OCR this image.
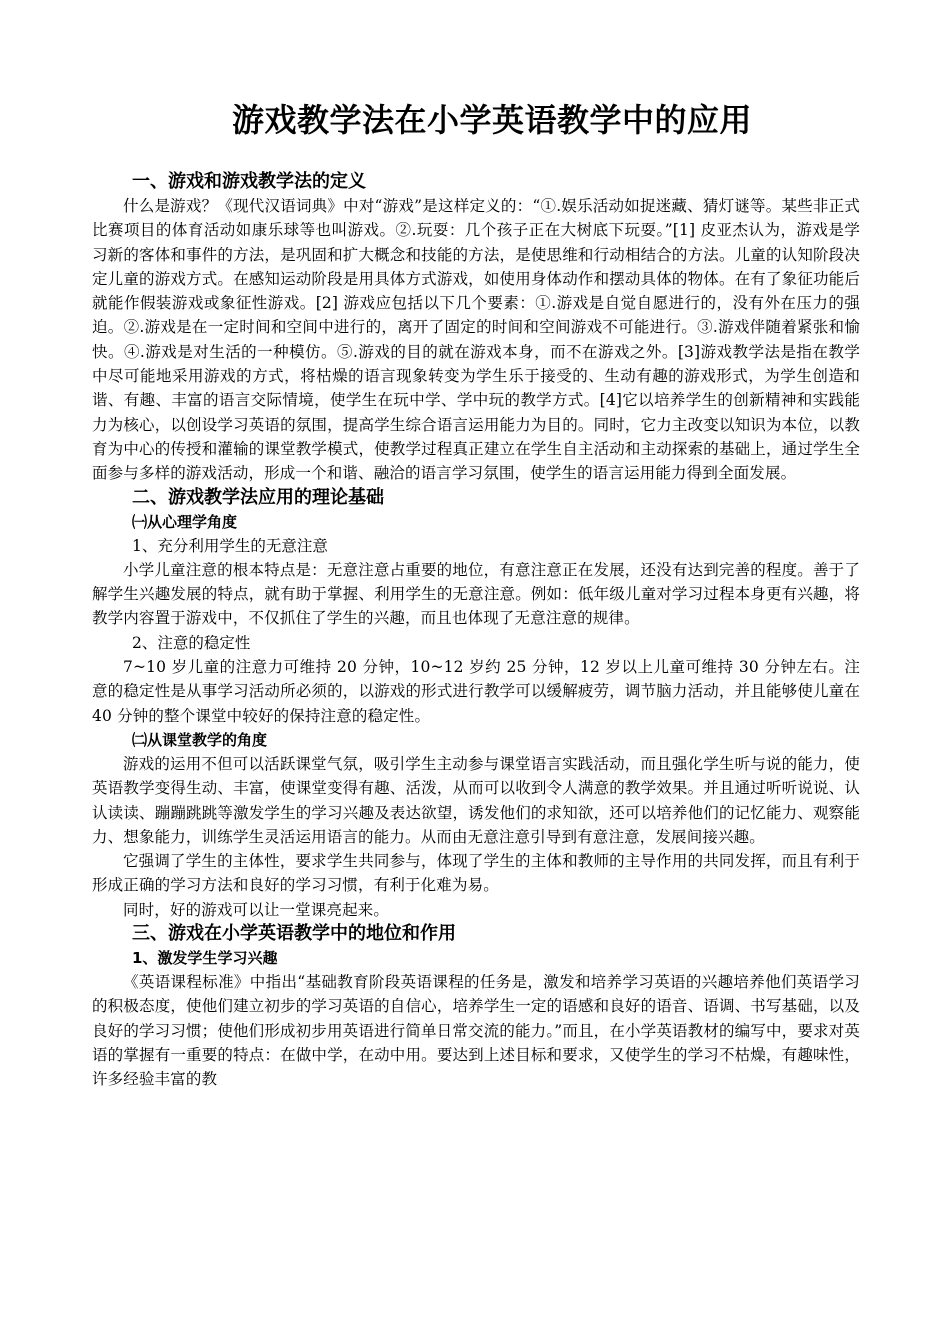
游戏教学法在小学英语教学中的应用
一、游戏和游戏教学法的定义

什么是游戏？《现代汉语词典》中对“游戏”是这样定义的：“①.娱乐活动如捉迷藏、猜灯谜等。某些非正式比赛项目的体育活动如康乐球等也叫游戏。②.玩耍：几个孩子正在大树底下玩耍。”[1] 皮亚杰认为，游戏是学习新的客体和事件的方法，是巩固和扩大概念和技能的方法，是使思维和行动相结合的方法。儿童的认知阶段决定儿童的游戏方式。在感知运动阶段是用具体方式游戏，如使用身体动作和摆动具体的物体。在有了象征功能后就能作假装游戏或象征性游戏。[2] 游戏应包括以下几个要素：①.游戏是自觉自愿进行的，没有外在压力的强迫。②.游戏是在一定时间和空间中进行的，离开了固定的时间和空间游戏不可能进行。③.游戏伴随着紧张和愉快。④.游戏是对生活的一种模仿。⑤.游戏的目的就在游戏本身，而不在游戏之外。[3]游戏教学法是指在教学中尽可能地采用游戏的方式，将枯燥的语言现象转变为学生乐于接受的、生动有趣的游戏形式，为学生创造和谐、有趣、丰富的语言交际情境，使学生在玩中学、学中玩的教学方式。[4]它以培养学生的创新精神和实践能力为核心，以创设学习英语的氛围，提高学生综合语言运用能力为目的。同时，它力主改变以知识为本位，以教育为中心的传授和灌输的课堂教学模式，使教学过程真正建立在学生自主活动和主动探索的基础上，通过学生全面参与多样的游戏活动，形成一个和谐、融洽的语言学习氛围，使学生的语言运用能力得到全面发展。

二、游戏教学法应用的理论基础
㈠从心理学角度

1、充分利用学生的无意注意

小学儿童注意的根本特点是：无意注意占重要的地位，有意注意正在发展，还没有达到完善的程度。善于了解学生兴趣发展的特点，就有助于掌握、利用学生的无意注意。例如：低年级儿童对学习过程本身更有兴趣，将教学内容置于游戏中，不仅抓住了学生的兴趣，而且也体现了无意注意的规律。

2、注意的稳定性

7~10 岁儿童的注意力可维持 20 分钟，10~12 岁约 25 分钟，12 岁以上儿童可维持 30 分钟左右。注意的稳定性是从事学习活动所必须的，以游戏的形式进行教学可以缓解疲劳，调节脑力活动，并且能够使儿童在 40 分钟的整个课堂中较好的保持注意的稳定性。

㈡从课堂教学的角度

游戏的运用不但可以活跃课堂气氛，吸引学生主动参与课堂语言实践活动，而且强化学生听与说的能力，使英语教学变得生动、丰富，使课堂变得有趣、活泼，从而可以收到令人满意的教学效果。并且通过听听说说、认认读读、蹦蹦跳跳等激发学生的学习兴趣及表达欲望，诱发他们的求知欲，还可以培养他们的记忆能力、观察能力、想象能力，训练学生灵活运用语言的能力。从而由无意注意引导到有意注意，发展间接兴趣。

它强调了学生的主体性，要求学生共同参与，体现了学生的主体和教师的主导作用的共同发挥，而且有利于形成正确的学习方法和良好的学习习惯，有利于化难为易。

同时，好的游戏可以让一堂课亮起来。

三、游戏在小学英语教学中的地位和作用
1、激发学生学习兴趣

《英语课程标准》中指出“基础教育阶段英语课程的任务是，激发和培养学习英语的兴趣培养他们英语学习的积极态度，使他们建立初步的学习英语的自信心，培养学生一定的语感和良好的语音、语调、书写基础，以及良好的学习习惯；使他们形成初步用英语进行简单日常交流的能力。”而且，在小学英语教材的编写中，要求对英语的掌握有一重要的特点：在做中学，在动中用。要达到上述目标和要求，又使学生的学习不枯燥，有趣味性，许多经验丰富的教
